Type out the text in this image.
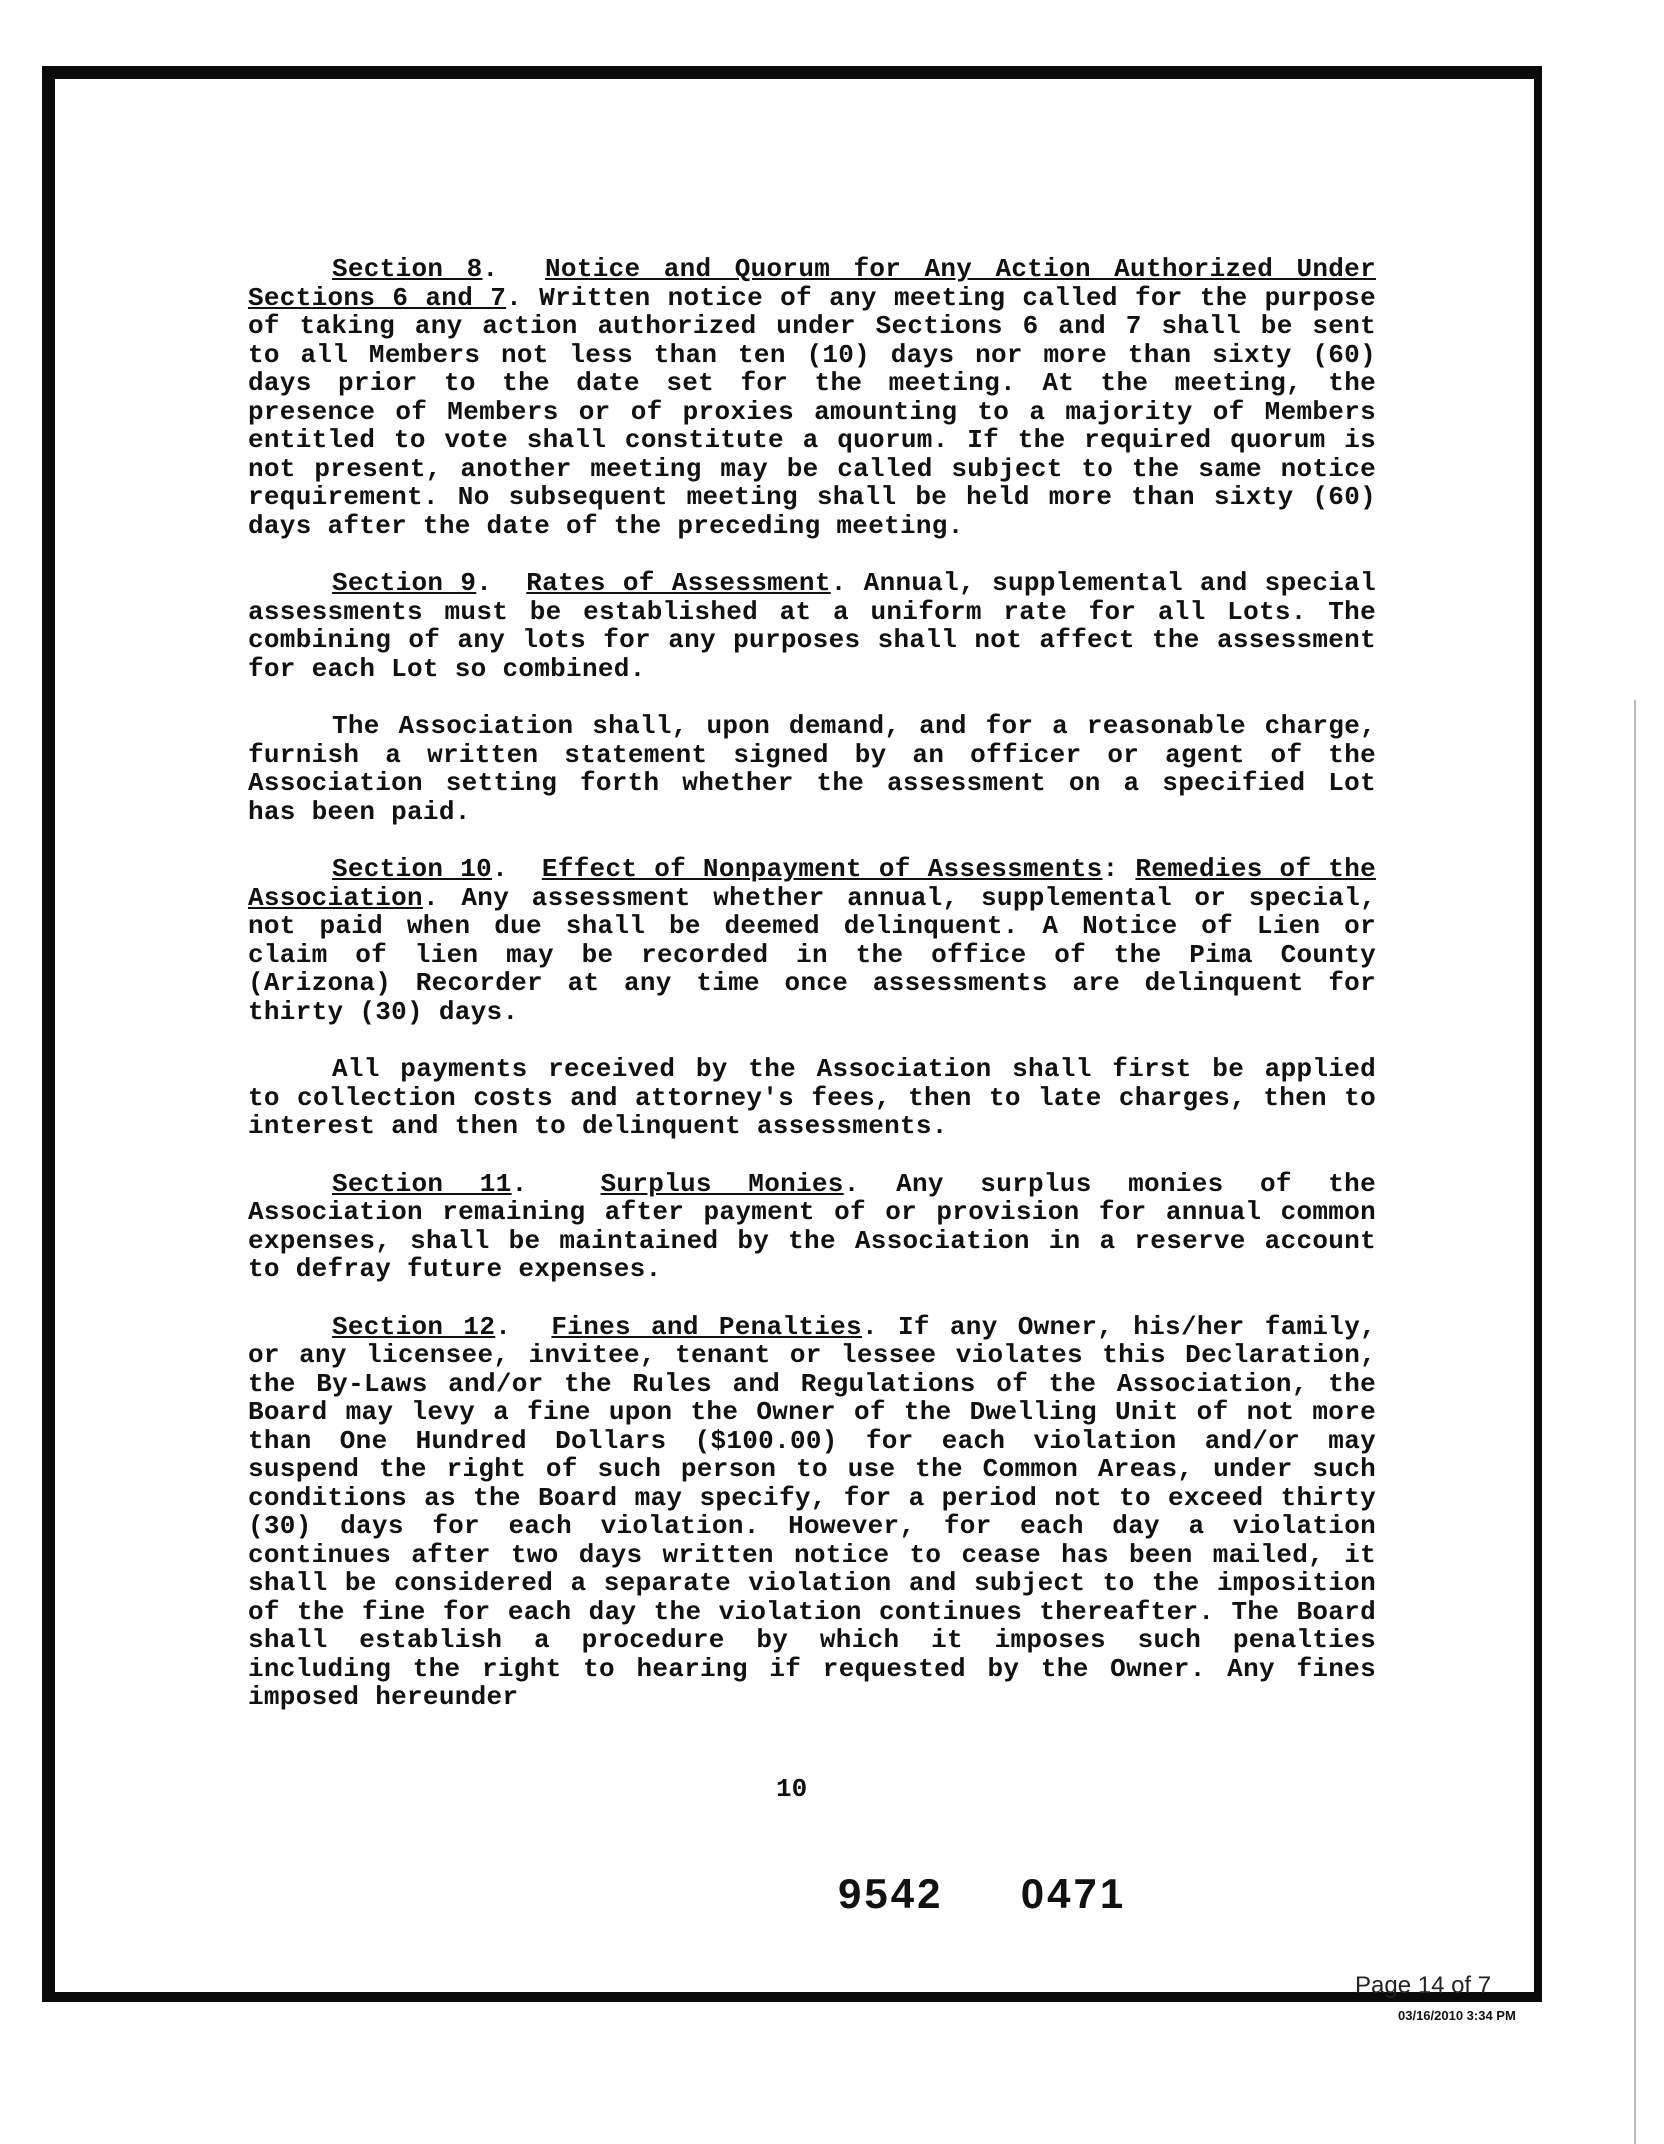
Section 8. Notice and Quorum for Any Action Authorized Under Sections 6 and 7. Written notice of any meeting called for the purpose of taking any action authorized under Sections 6 and 7 shall be sent to all Members not less than ten (10) days nor more than sixty (60) days prior to the date set for the meeting. At the meeting, the presence of Members or of proxies amounting to a majority of Members entitled to vote shall constitute a quorum. If the required quorum is not present, another meeting may be called subject to the same notice requirement. No subsequent meeting shall be held more than sixty (60) days after the date of the preceding meeting.

Section 9. Rates of Assessment. Annual, supplemental and special assessments must be established at a uniform rate for all Lots. The combining of any lots for any purposes shall not affect the assessment for each Lot so combined.

The Association shall, upon demand, and for a reasonable charge, furnish a written statement signed by an officer or agent of the Association setting forth whether the assessment on a specified Lot has been paid.

Section 10. Effect of Nonpayment of Assessments: Remedies of the Association. Any assessment whether annual, supplemental or special, not paid when due shall be deemed delinquent. A Notice of Lien or claim of lien may be recorded in the office of the Pima County (Arizona) Recorder at any time once assessments are delinquent for thirty (30) days.

All payments received by the Association shall first be applied to collection costs and attorney's fees, then to late charges, then to interest and then to delinquent assessments.

Section 11.	Surplus Monies. Any surplus monies of the Association remaining after payment of or provision for annual common expenses, shall be maintained by the Association in a reserve account to defray future expenses.

Section 12. Fines and Penalties. If any Owner, his/her family, or any licensee, invitee, tenant or lessee violates this Declaration, the By-Laws and/or the Rules and Regulations of the Association, the Board may levy a fine upon the Owner of the Dwelling Unit of not more than One Hundred Dollars ($100.00) for each violation and/or may suspend the right of such person to use the Common Areas, under such conditions as the Board may specify, for a period not to exceed thirty (30) days for each violation. However, for each day a violation continues after two days written notice to cease has been mailed, it shall be considered a separate violation and subject to the imposition of the fine for each day the violation continues thereafter. The Board shall establish a procedure by which it imposes such penalties including the right to hearing if requested by the Owner. Any fines imposed hereunder

10
9542  0471
Page 14 of 7
03/16/2010 3:34 PM
